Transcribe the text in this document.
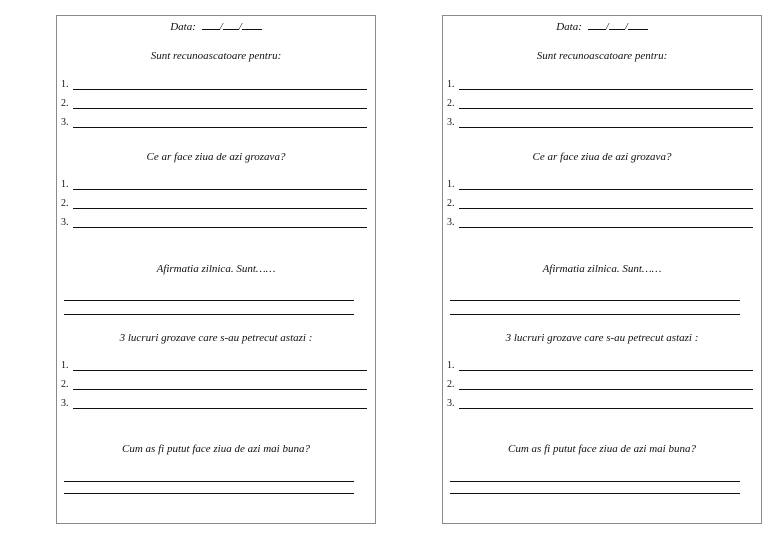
Data: / /
Sunt recunoascatoare pentru:
1.
2.
3.
Ce ar face ziua de azi grozava?
1.
2.
3.
Afirmatia zilnica. Sunt……
3 lucruri grozave care s-au petrecut astazi :
1.
2.
3.
Cum as fi putut face ziua de azi mai buna?
Data: / /
Sunt recunoascatoare pentru:
1.
2.
3.
Ce ar face ziua de azi grozava?
1.
2.
3.
Afirmatia zilnica. Sunt……
3 lucruri grozave care s-au petrecut astazi :
1.
2.
3.
Cum as fi putut face ziua de azi mai buna?
